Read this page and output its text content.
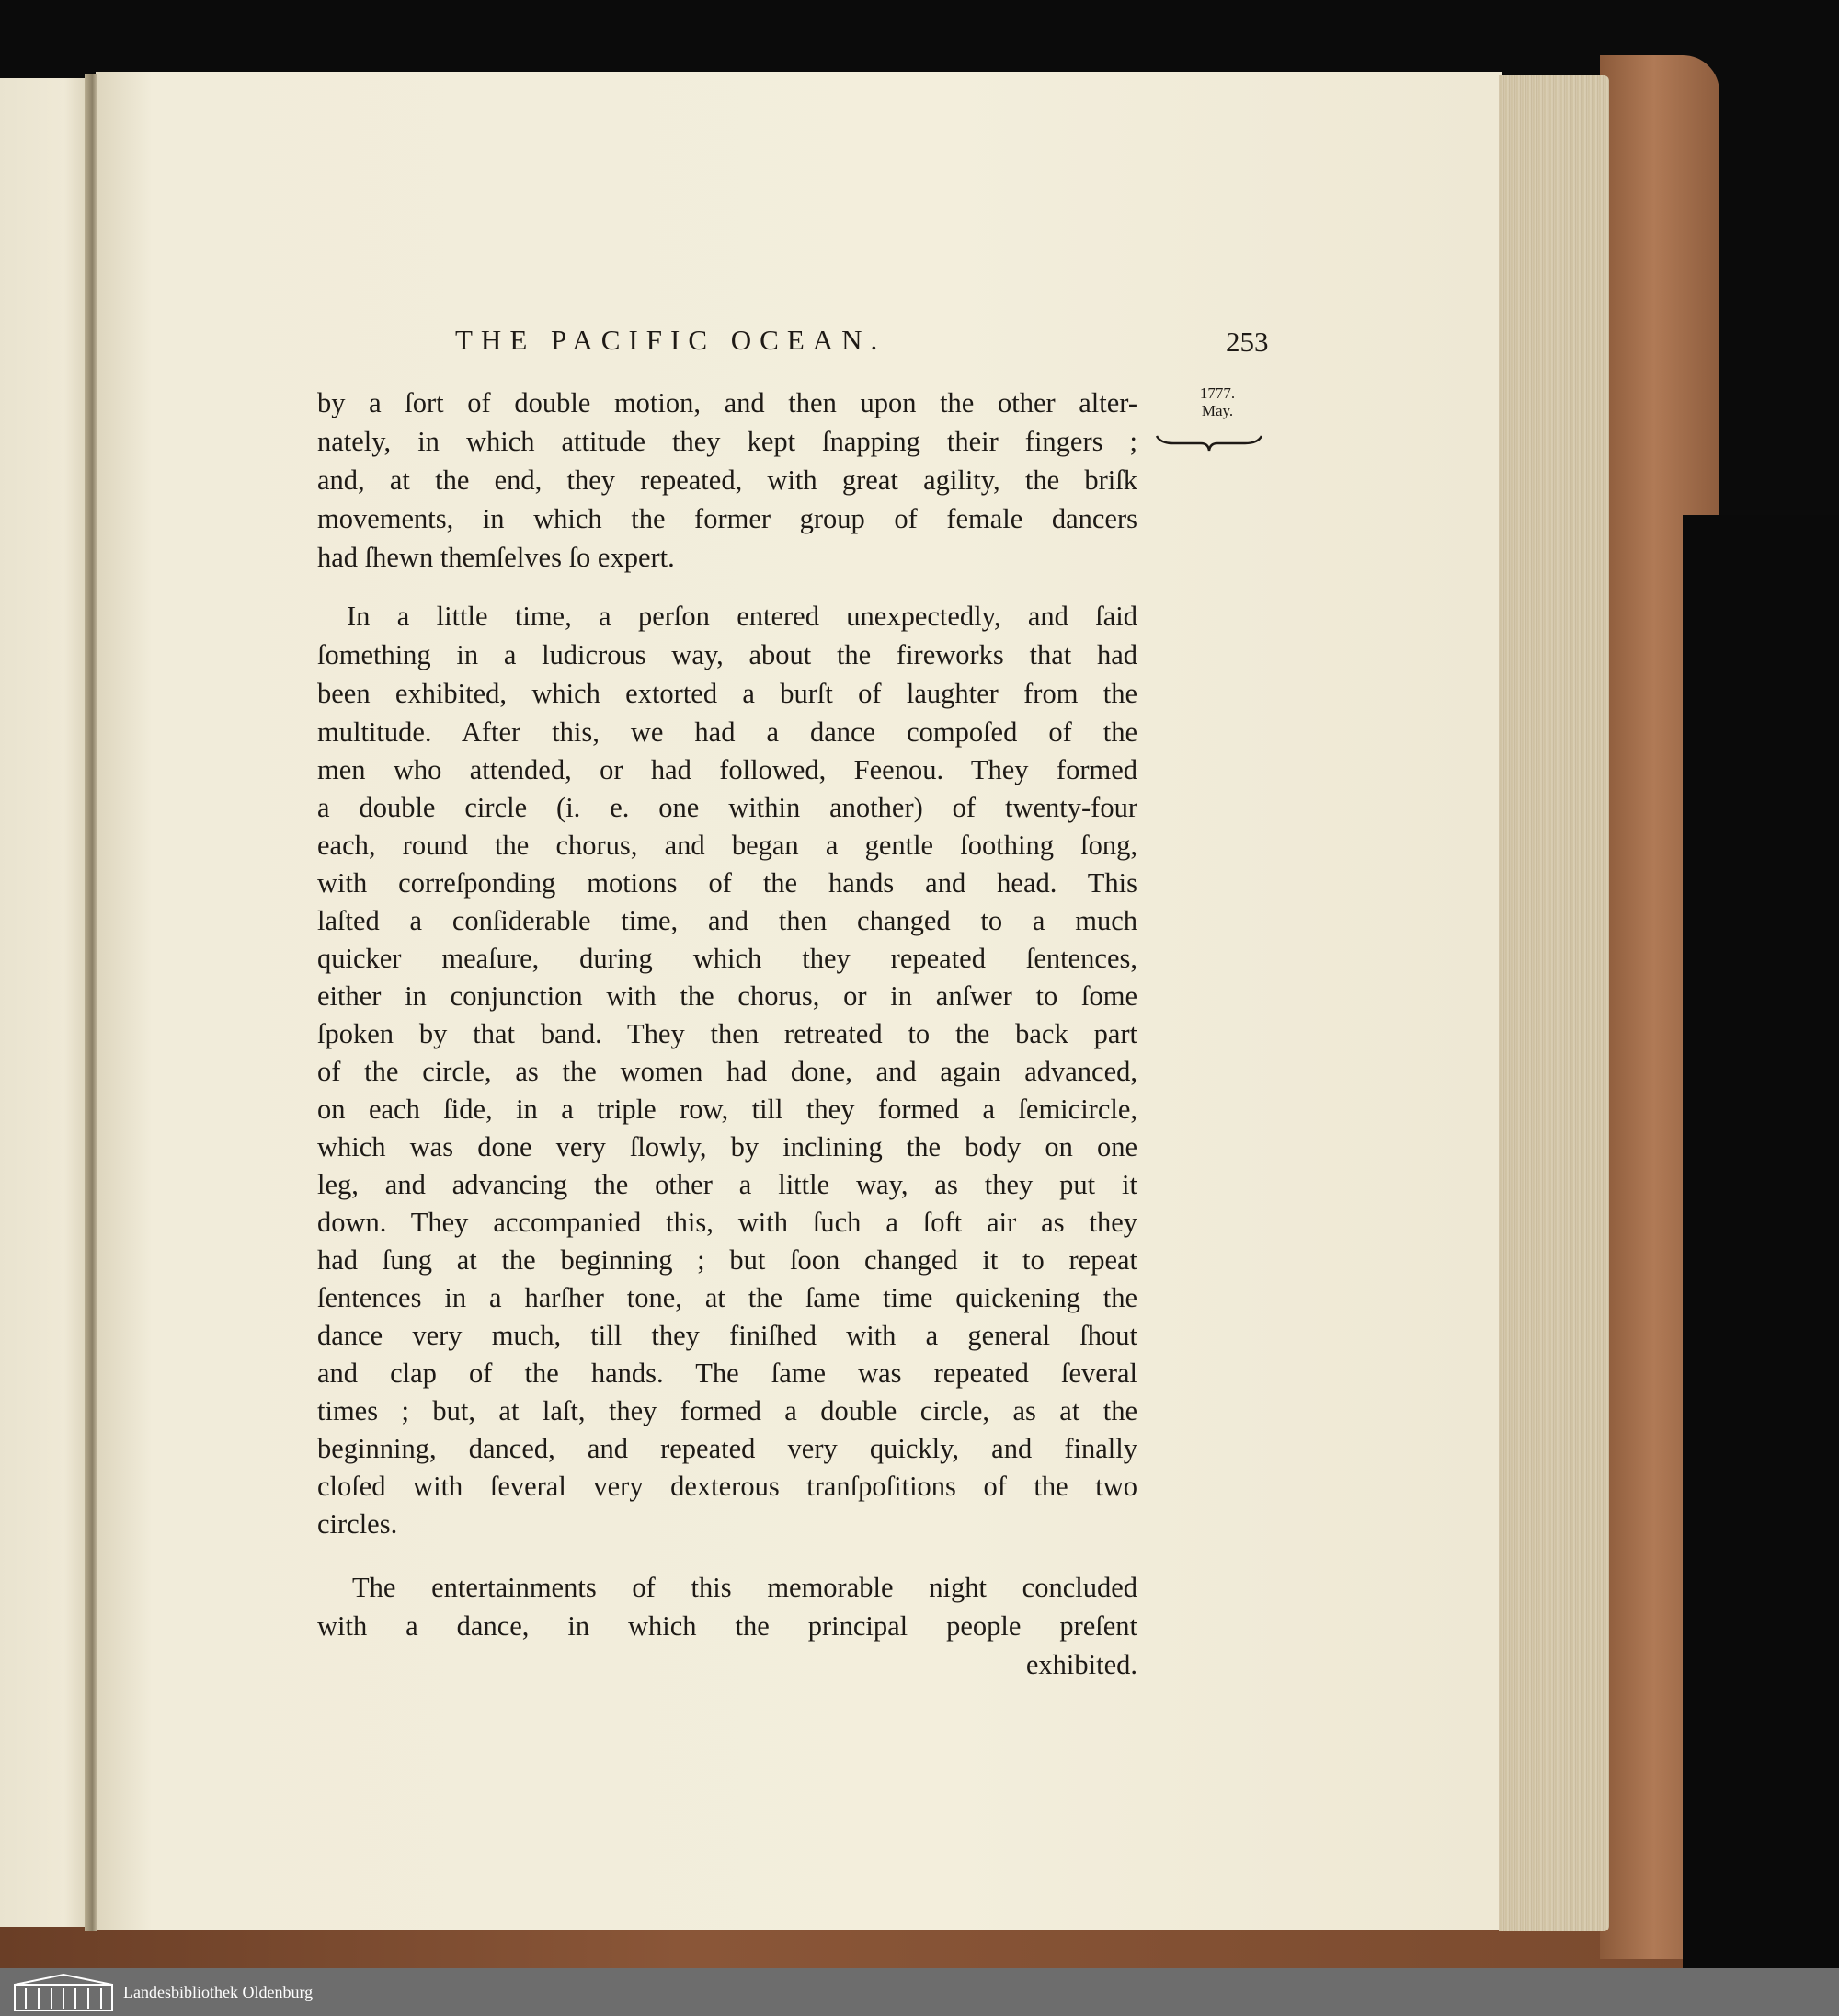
THE PACIFIC OCEAN.	253
1777.
May.
by a ſort of double motion, and then upon the other alter-
nately, in which attitude they kept ſnapping their fingers ;
and, at the end, they repeated, with great agility, the briſk
movements, in which the former group of female dancers
had ſhewn themſelves ſo expert.
In a little time, a perſon entered unexpectedly, and ſaid
ſomething in a ludicrous way, about the fireworks that had
been exhibited, which extorted a burſt of laughter from the
multitude. After this, we had a dance compoſed of the
men who attended, or had followed, Feenou. They formed
a double circle (i. e. one within another) of twenty-four
each, round the chorus, and began a gentle ſoothing ſong,
with correſponding motions of the hands and head. This
laſted a conſiderable time, and then changed to a much
quicker meaſure, during which they repeated ſentences,
either in conjunction with the chorus, or in anſwer to ſome
ſpoken by that band. They then retreated to the back part
of the circle, as the women had done, and again advanced,
on each ſide, in a triple row, till they formed a ſemicircle,
which was done very ſlowly, by inclining the body on one
leg, and advancing the other a little way, as they put it
down. They accompanied this, with ſuch a ſoft air as they
had ſung at the beginning ; but ſoon changed it to repeat
ſentences in a harſher tone, at the ſame time quickening the
dance very much, till they finiſhed with a general ſhout
and clap of the hands. The ſame was repeated ſeveral
times ; but, at laſt, they formed a double circle, as at the
beginning, danced, and repeated very quickly, and finally
cloſed with ſeveral very dexterous tranſpoſitions of the two
circles.
The entertainments of this memorable night concluded
with a dance, in which the principal people preſent
exhibited.
Landesbibliothek Oldenburg
